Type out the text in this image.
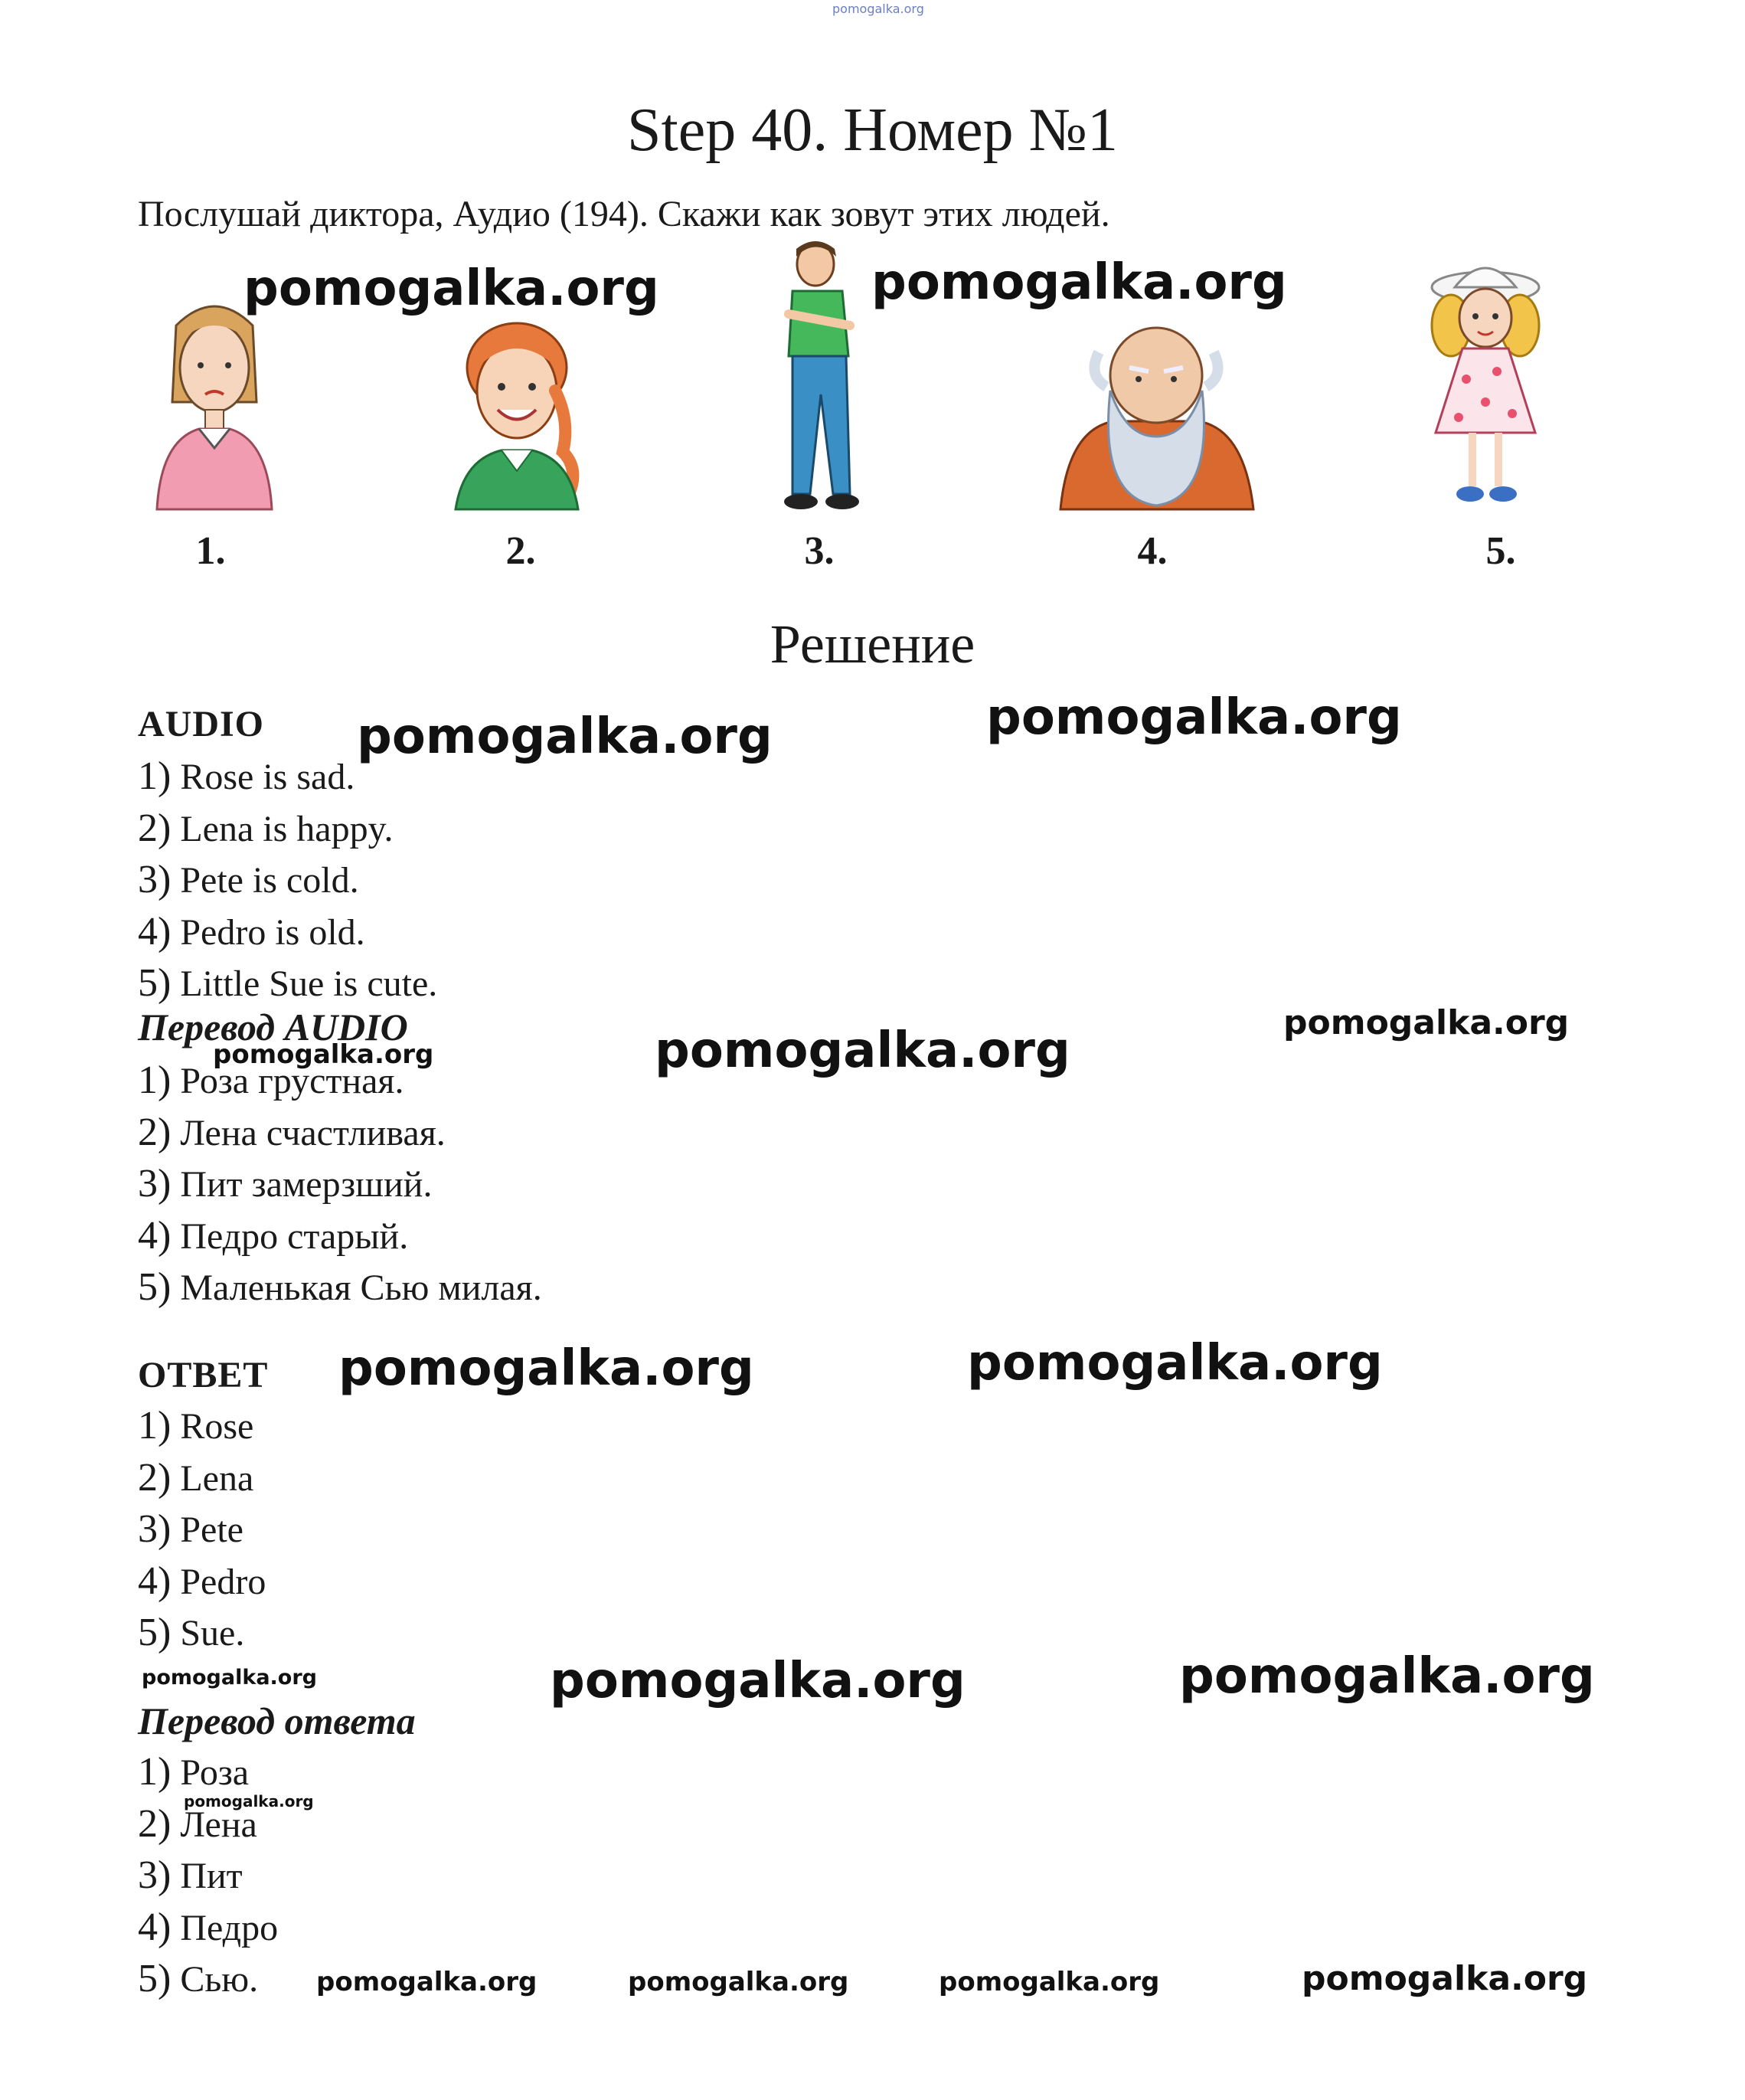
pomogalka.org
Step 40. Номер №1
Послушай диктора, Аудио (194). Скажи как зовут этих людей.
1.	2.	3.	4.	5.
Решение
AUDIO
1) Rose is sad.
2) Lena is happy.
3) Pete is cold.
4) Pedro is old.
5) Little Sue is cute.
Перевод AUDIO
1) Роза грустная.
2) Лена счастливая.
3) Пит замерзший.
4) Педро старый.
5) Маленькая Сью милая.
ОТВЕТ
1) Rose
2) Lena
3) Pete
4) Pedro
5) Sue.
Перевод ответа
1) Роза
2) Лена
3) Пит
4) Педро
5) Сью.
pomogalka.org	pomogalka.org
pomogalka.org
pomogalka.org
pomogalka.org	pomogalka.org
pomogalka.org
pomogalka.org	pomogalka.org
pomogalka.org	pomogalka.org
pomogalka.org
pomogalka.org
pomogalka.org	pomogalka.org	pomogalka.org	pomogalka.org
